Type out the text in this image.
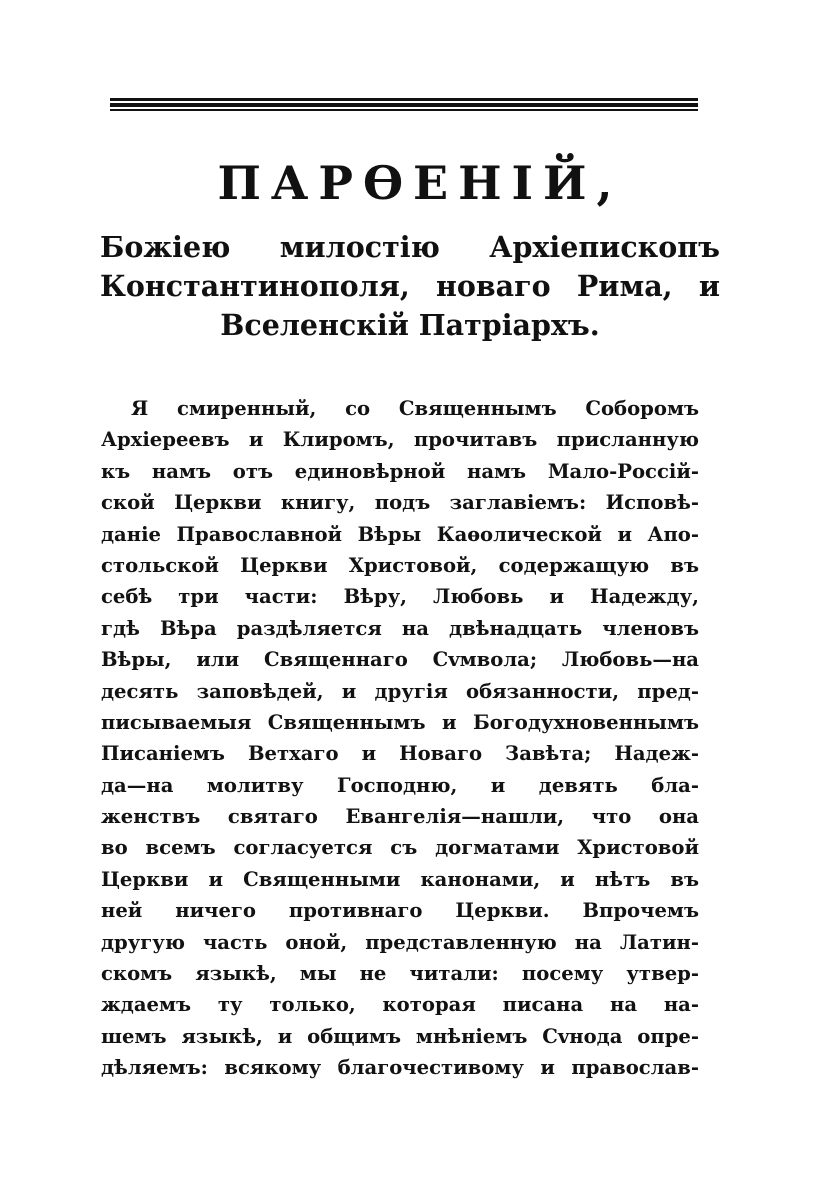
ПАРѲЕНІЙ,
Божіею милостію Архіепископъ
Константинополя, новаго Рима, и
Вселенскій Патріархъ.
Я смиренный, со Священнымъ Соборомъ
Архіереевъ и Клиромъ, прочитавъ присланную
къ намъ отъ единовѣрной намъ Мало-Россій-
ской Церкви книгу, подъ заглавіемъ: Исповѣ-
даніе Православной Вѣры Каѳолической и Апо-
стольской Церкви Христовой, содержащую въ
себѣ три части: Вѣру, Любовь и Надежду,
гдѣ Вѣра раздѣляется на двѣнадцать членовъ
Вѣры, или Священнаго Сvмвола; Любовь—на
десять заповѣдей, и другія обязанности, пред-
писываемыя Священнымъ и Богодухновеннымъ
Писаніемъ Ветхаго и Новаго Завѣта; Надеж-
да—на молитву Господню, и девять бла-
женствъ святаго Евангелія—нашли, что она
во всемъ согласуется съ догматами Христовой
Церкви и Священными канонами, и нѣтъ въ
ней ничего противнаго Церкви. Впрочемъ
другую часть оной, представленную на Латин-
скомъ языкѣ, мы не читали: посему утвер-
ждаемъ ту только, которая писана на на-
шемъ языкѣ, и общимъ мнѣніемъ Сvнода опре-
дѣляемъ: всякому благочестивому и православ-
